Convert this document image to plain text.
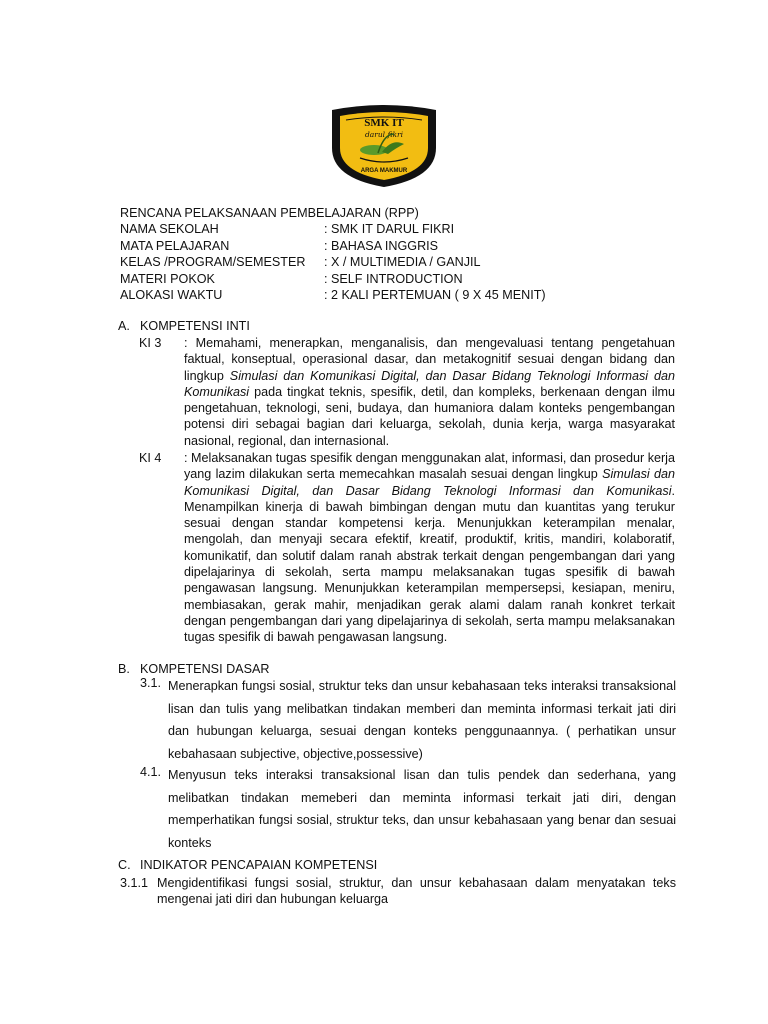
SMK IT
darul fikri
ARGA MAKMUR
RENCANA PELAKSANAAN PEMBELAJARAN (RPP)
NAMA SEKOLAH	: SMK IT DARUL FIKRI
MATA PELAJARAN	: BAHASA INGGRIS
KELAS /PROGRAM/SEMESTER	: X / MULTIMEDIA / GANJIL
MATERI POKOK	: SELF INTRODUCTION
ALOKASI WAKTU	: 2 KALI PERTEMUAN ( 9 X 45 MENIT)
A. KOMPETENSI INTI
KI 3	: Memahami, menerapkan, menganalisis, dan mengevaluasi tentang pengetahuan faktual, konseptual, operasional dasar, dan metakognitif sesuai dengan bidang dan lingkup Simulasi dan Komunikasi Digital, dan Dasar Bidang Teknologi Informasi dan Komunikasi pada tingkat teknis, spesifik, detil, dan kompleks, berkenaan dengan ilmu pengetahuan, teknologi, seni, budaya, dan humaniora dalam konteks pengembangan potensi diri sebagai bagian dari keluarga, sekolah, dunia kerja, warga masyarakat nasional, regional, dan internasional.
KI 4	: Melaksanakan tugas spesifik dengan menggunakan alat, informasi, dan prosedur kerja yang lazim dilakukan serta memecahkan masalah sesuai dengan lingkup Simulasi dan Komunikasi Digital, dan Dasar Bidang Teknologi Informasi dan Komunikasi. Menampilkan kinerja di bawah bimbingan dengan mutu dan kuantitas yang terukur sesuai dengan standar kompetensi kerja. Menunjukkan keterampilan menalar, mengolah, dan menyaji secara efektif, kreatif, produktif, kritis, mandiri, kolaboratif, komunikatif, dan solutif dalam ranah abstrak terkait dengan pengembangan dari yang dipelajarinya di sekolah, serta mampu melaksanakan tugas spesifik di bawah pengawasan langsung. Menunjukkan keterampilan mempersepsi, kesiapan, meniru, membiasakan, gerak mahir, menjadikan gerak alami dalam ranah konkret terkait dengan pengembangan dari yang dipelajarinya di sekolah, serta mampu melaksanakan tugas spesifik di bawah pengawasan langsung.
B. KOMPETENSI DASAR
3.1. Menerapkan fungsi sosial, struktur teks dan unsur kebahasaan teks interaksi transaksional lisan dan tulis yang melibatkan tindakan memberi dan meminta informasi terkait jati diri dan hubungan keluarga, sesuai dengan konteks penggunaannya. ( perhatikan unsur kebahasaan subjective, objective,possessive)
4.1. Menyusun teks interaksi transaksional lisan dan tulis pendek dan sederhana, yang melibatkan tindakan memeberi dan meminta informasi terkait jati diri, dengan memperhatikan fungsi sosial, struktur teks, dan unsur kebahasaan yang benar dan sesuai konteks
C. INDIKATOR PENCAPAIAN KOMPETENSI
3.1.1 Mengidentifikasi fungsi sosial, struktur, dan unsur kebahasaan dalam menyatakan teks mengenai jati diri dan hubungan keluarga
